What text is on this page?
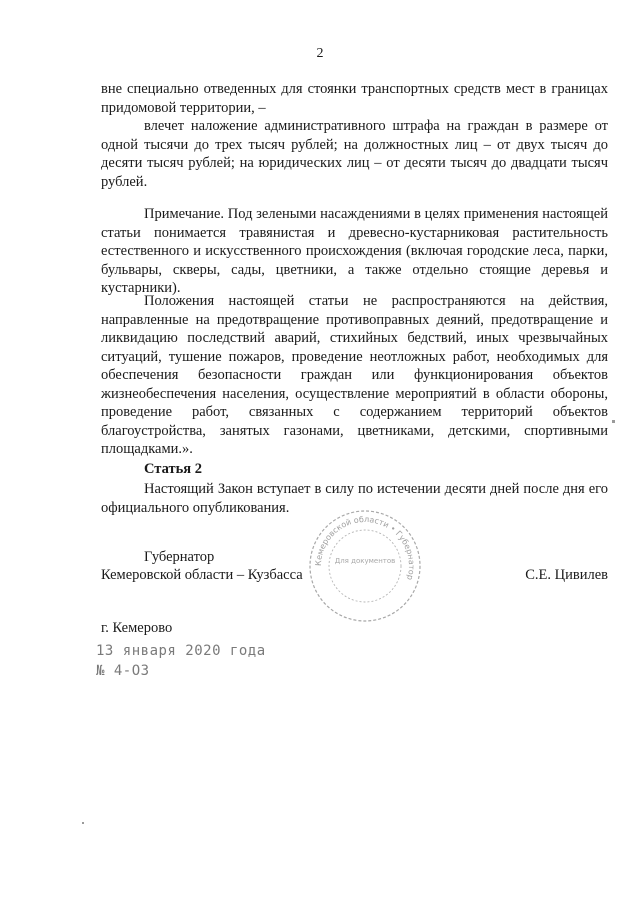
2

вне специально отведенных для стоянки транспортных средств мест в границах придомовой территории, –

влечет наложение административного штрафа на граждан в размере от одной тысячи до трех тысяч рублей; на должностных лиц – от двух тысяч до десяти тысяч рублей; на юридических лиц – от десяти тысяч до двадцати тысяч рублей.

Примечание. Под зелеными насаждениями в целях применения настоящей статьи понимается травянистая и древесно-кустарниковая растительность естественного и искусственного происхождения (включая городские леса, парки, бульвары, скверы, сады, цветники, а также отдельно стоящие деревья и кустарники).

Положения настоящей статьи не распространяются на действия, направленные на предотвращение противоправных деяний, предотвращение и ликвидацию последствий аварий, стихийных бедствий, иных чрезвычайных ситуаций, тушение пожаров, проведение неотложных работ, необходимых для обеспечения безопасности граждан или функционирования объектов жизнеобеспечения населения, осуществление мероприятий в области обороны, проведение работ, связанных с содержанием территорий объектов благоустройства, занятых газонами, цветниками, детскими, спортивными площадками.».

Статья 2

Настоящий Закон вступает в силу по истечении десяти дней после дня его официального опубликования.

Губернатор
Кемеровской области – Кузбасса	С.Е. Цивилев
Кемеровской области • Губернатор
Для документов
г. Кемерово
13 января 2020 года
№ 4-ОЗ
